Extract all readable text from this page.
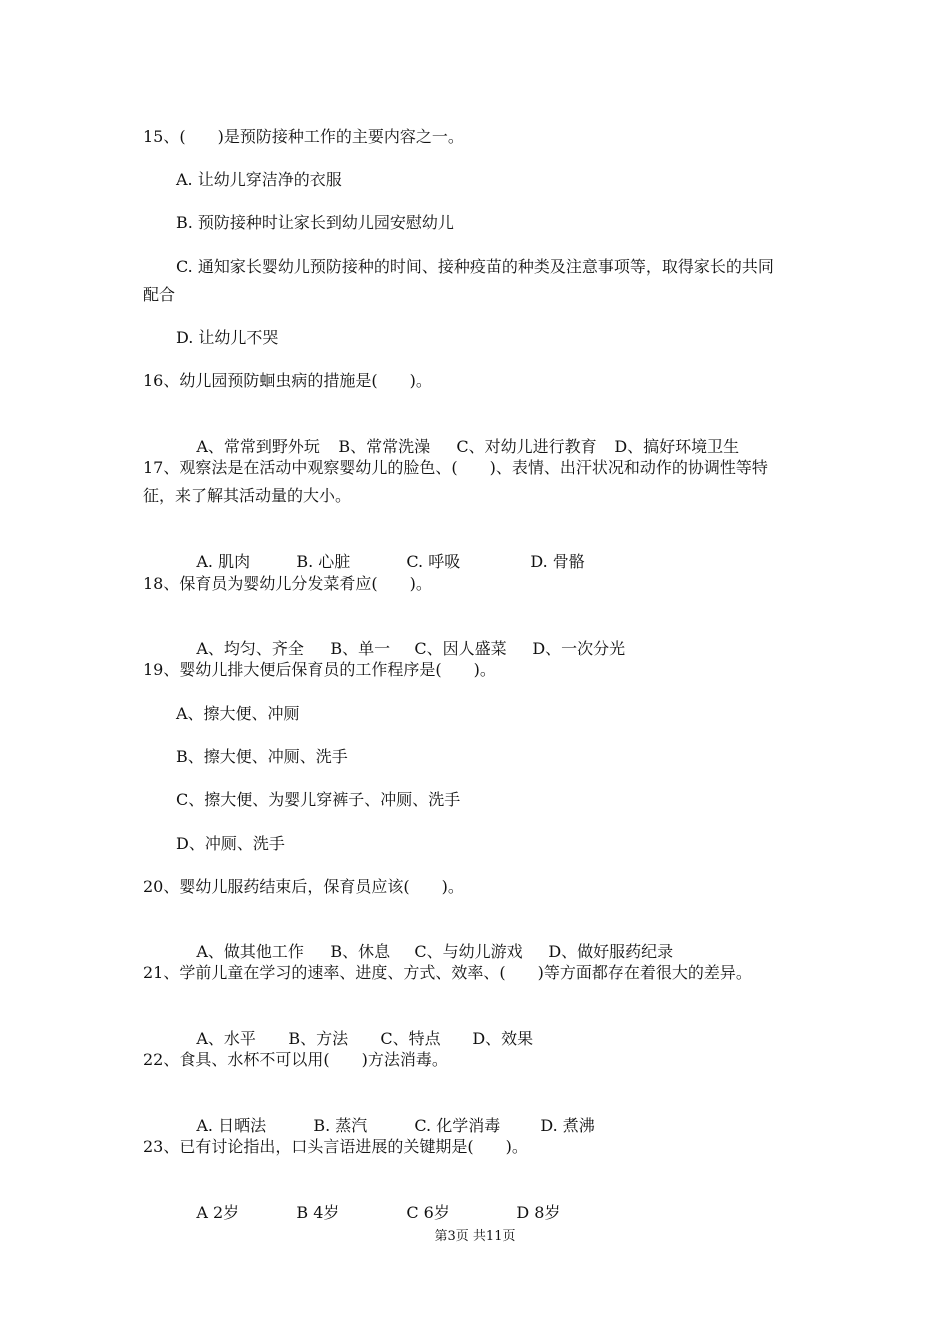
15、(　　)是预防接种工作的主要内容之一。
A. 让幼儿穿洁净的衣服
B. 预防接种时让家长到幼儿园安慰幼儿
C. 通知家长婴幼儿预防接种的时间、接种疫苗的种类及注意事项等，取得家长的共同
配合
D. 让幼儿不哭
16、幼儿园预防蛔虫病的措施是(　　)。

A、常常到野外玩 B、常常洗澡 C、对幼儿进行教育 D、搞好环境卫生

17、观察法是在活动中观察婴幼儿的脸色、(　　)、表情、出汗状况和动作的协调性等特
征，来了解其活动量的大小。

A. 肌肉	B. 心脏	C. 呼吸	D. 骨骼

18、保育员为婴幼儿分发菜肴应(　　)。

A、均匀、齐全 B、单一 C、因人盛菜 D、一次分光

19、婴幼儿排大便后保育员的工作程序是(　　)。
A、擦大便、冲厕
B、擦大便、冲厕、洗手
C、擦大便、为婴儿穿裤子、冲厕、洗手
D、冲厕、洗手
20、婴幼儿服药结束后，保育员应该(　　)。

A、做其他工作 B、休息 C、与幼儿游戏 D、做好服药纪录

21、学前儿童在学习的速率、进度、方式、效率、(　　)等方面都存在着很大的差异。

A、水平 B、方法 C、特点 D、效果

22、食具、水杯不可以用(　　)方法消毒。

A. 日晒法	B. 蒸汽	C. 化学消毒	D. 煮沸

23、已有讨论指出，口头言语进展的关键期是(　　)。

A 2岁	B 4岁	C 6岁	D 8岁

第3页 共11页
